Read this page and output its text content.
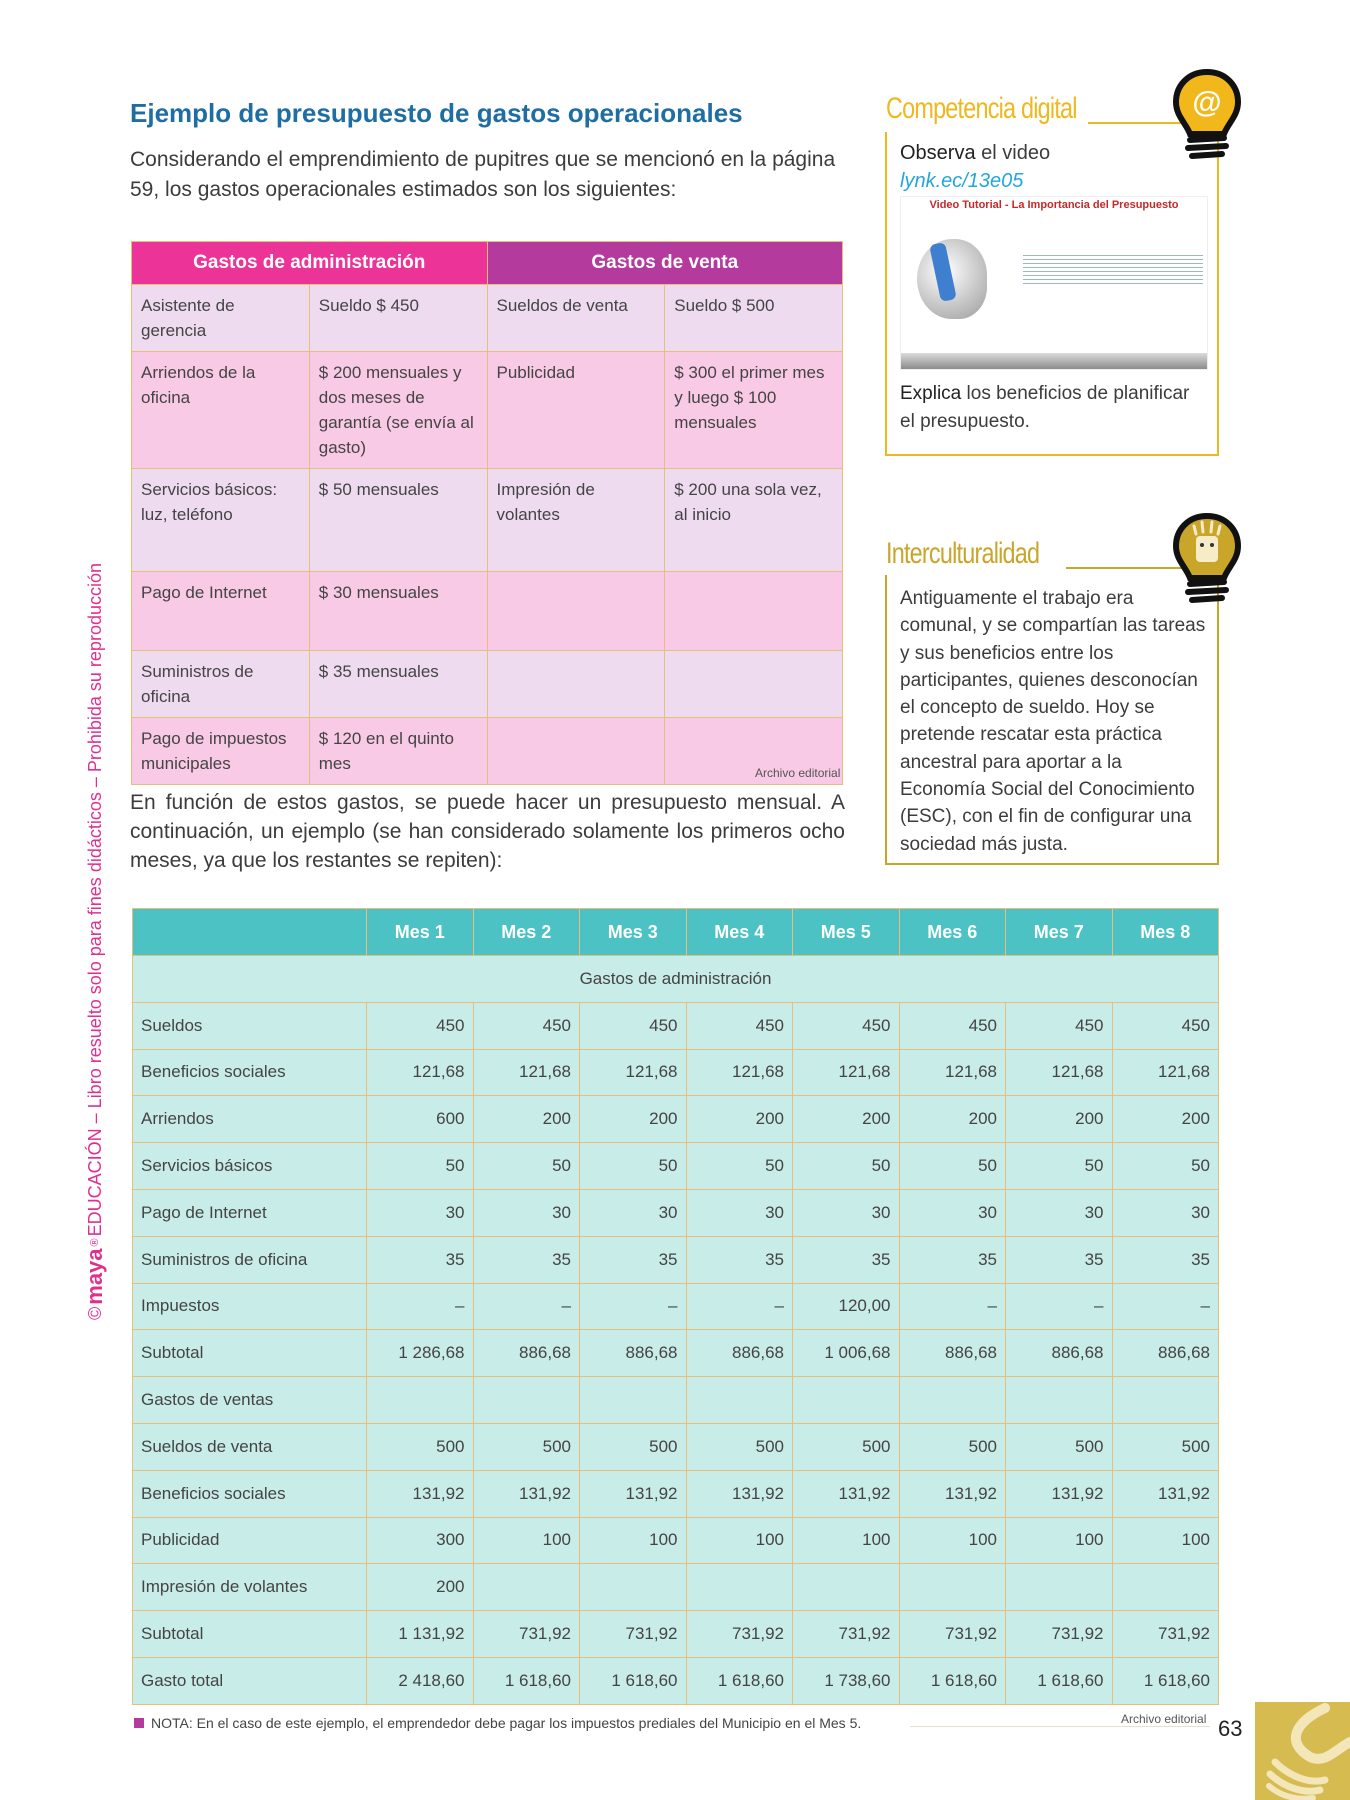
©
maya
®
EDUCACIÓN – Libro resuelto solo para fines didácticos – Prohibida su reproducción
Ejemplo de presupuesto de gastos operacionales

Considerando el emprendimiento de pupitres que se mencionó en la página 59, los gastos operacionales estimados son los siguientes:

Gastos de administración		Gastos de venta	
Asistente de gerencia	Sueldo $ 450	Sueldos de venta	Sueldo $ 500
Arriendos de la oficina	$ 200 mensuales y dos meses de garantía (se envía al gasto)	Publicidad	$ 300 el primer mes y luego $ 100 mensuales
Servicios básicos: luz, teléfono	$ 50 mensuales	Impresión de volantes	$ 200 una sola vez, al inicio
Pago de Internet	$ 30 mensuales		
Suministros de oficina	$ 35 mensuales		
Pago de impuestos municipales	$ 120 en el quinto mes			Archivo editorial

En función de estos gastos, se puede hacer un presupuesto mensual. A continuación, un ejemplo (se han considerado solamente los primeros ocho meses, ya que los restantes se repiten):

	Mes 1	Mes 2	Mes 3	Mes 4	Mes 5	Mes 6	Mes 7	Mes 8
Gastos de administración								
Sueldos	450	450	450	450	450	450	450	450
Beneficios sociales	121,68	121,68	121,68	121,68	121,68	121,68	121,68	121,68
Arriendos	600	200	200	200	200	200	200	200
Servicios básicos	50	50	50	50	50	50	50	50
Pago de Internet	30	30	30	30	30	30	30	30
Suministros de oficina	35	35	35	35	35	35	35	35
Impuestos	–	–	–	–	120,00	–	–	–
Subtotal	1 286,68	886,68	886,68	886,68	1 006,68	886,68	886,68	886,68
Gastos de ventas								
Sueldos de venta	500	500	500	500	500	500	500	500
Beneficios sociales	131,92	131,92	131,92	131,92	131,92	131,92	131,92	131,92
Publicidad	300	100	100	100	100	100	100	100
Impresión de volantes	200							
Subtotal	1 131,92	731,92	731,92	731,92	731,92	731,92	731,92	731,92
Gasto total	2 418,60	1 618,60	1 618,60	1 618,60	1 738,60	1 618,60	1 618,60	1 618,60
Archivo editorial
NOTA: En el caso de este ejemplo, el emprendedor debe pagar los impuestos prediales del Municipio en el Mes 5.	63
Competencia digital	@
Observa el video
lynk.ec/13e05
Video Tutorial - La Importancia del Presupuesto
Explica los beneficios de planificar el presupuesto.
Interculturalidad

Antiguamente el trabajo era comunal, y se compartían las tareas y sus beneficios entre los participantes, quienes desconocían el concepto de sueldo. Hoy se pretende rescatar esta práctica ancestral para aportar a la Economía Social del Conocimiento (ESC), con el fin de configurar una sociedad más justa.
